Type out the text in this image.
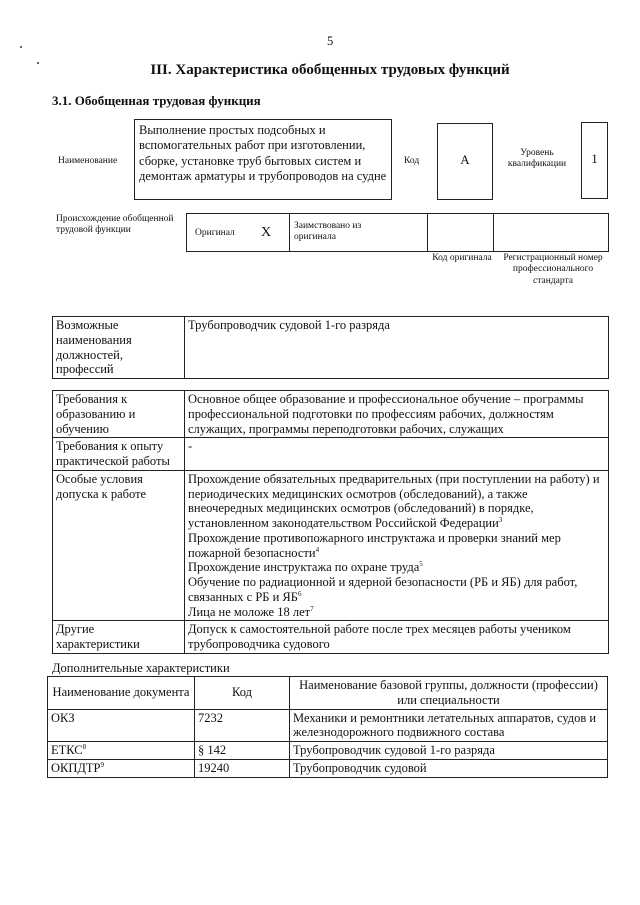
5
III. Характеристика обобщенных трудовых функций
3.1. Обобщенная трудовая функция
Наименование
Выполнение простых подсобных и вспомогательных работ при изготовлении, сборке, установке труб бытовых систем и демонтаж арматуры и трубопроводов на судне
Код	А	Уровень квалификации	1
Происхождение обобщенной трудовой функции	Оригинал X Заимствовано из оригинала
Код оригинала	Регистрационный номер профессионального стандарта
Возможные наименования должностей, профессий	Трубопроводчик судовой 1-го разряда
Требования к образованию и обучению	Основное общее образование и профессиональное обучение – программы профессиональной подготовки по профессиям рабочих, должностям служащих, программы переподготовки рабочих, служащих
Требования к опыту практической работы	-
Особые условия допуска к работе	Прохождение обязательных предварительных (при поступлении на работу) и периодических медицинских осмотров (обследований), а также внеочередных медицинских осмотров (обследований) в порядке, установленном законодательством Российской Федерации$^3$
Прохождение противопожарного инструктажа и проверки знаний мер пожарной безопасности$^4$
Прохождение инструктажа по охране труда$^5$
Обучение по радиационной и ядерной безопасности (РБ и ЯБ) для работ, связанных с РБ и $ЯБ^6$
Лица не моложе 18 лет$^7$

Другие характеристики	Допуск к самостоятельной работе после трех месяцев работы учеником трубопроводчика судового
Дополнительные характеристики
Наименование документа	Код	Наименование базовой группы, должности (профессии) или специальности
ОКЗ	7232	Механики и ремонтники летательных аппаратов, судов и железнодорожного подвижного состава
ЕТКС$^8$	§ 142	Трубопроводчик судовой 1-го разряда
ОКПДТР$^9$	19240	Трубопроводчик судовой
